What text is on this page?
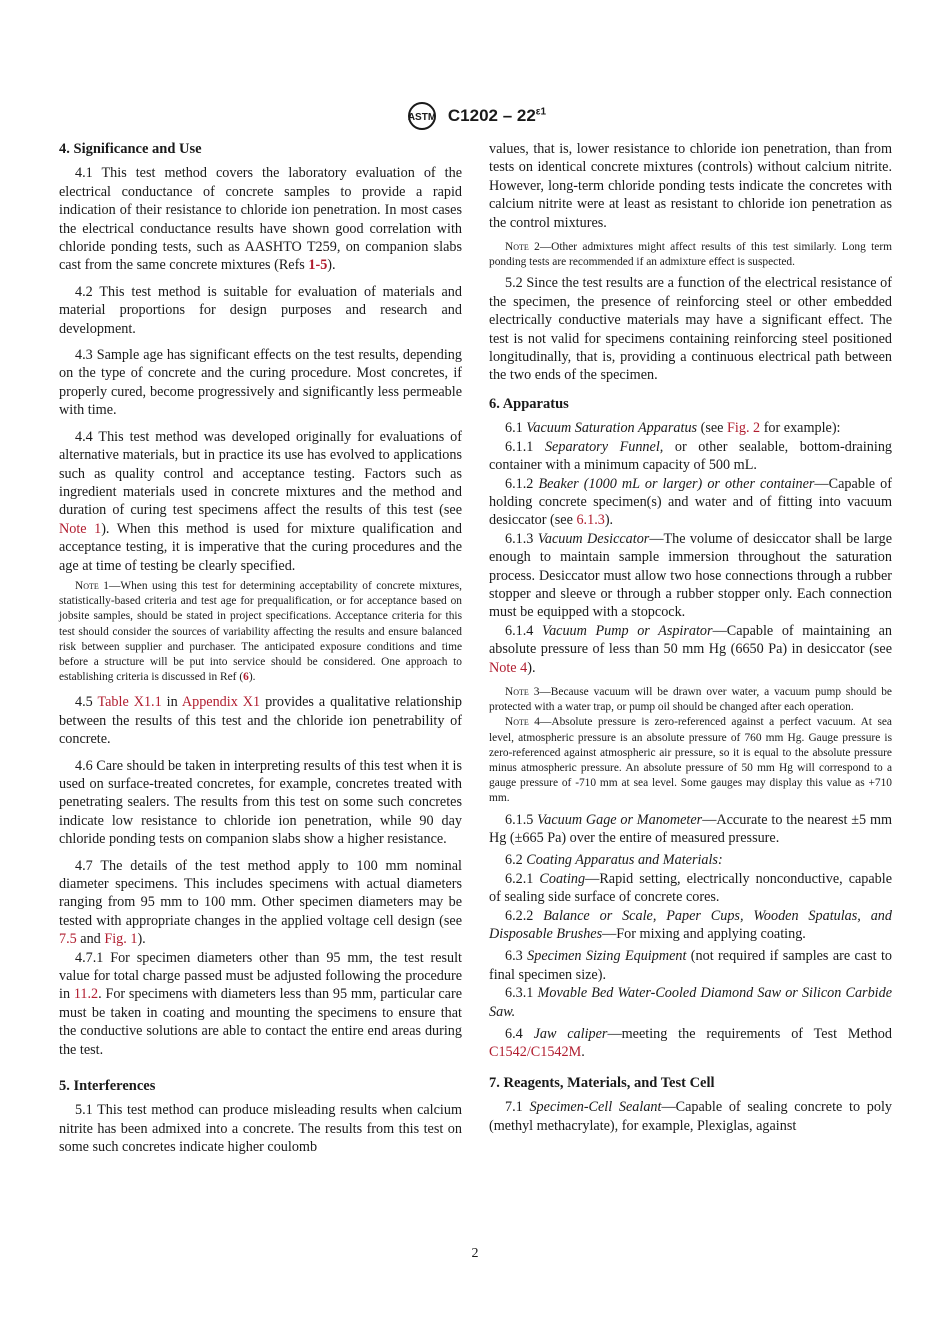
ASTM $C1202 - 22^{\varepsilon 1}$
4. Significance and Use

4.1 This test method covers the laboratory evaluation of the electrical conductance of concrete samples to provide a rapid indication of their resistance to chloride ion penetration. In most cases the electrical conductance results have shown good correlation with chloride ponding tests, such as AASHTO T259, on companion slabs cast from the same concrete mixtures (Refs 1-5).

4.2 This test method is suitable for evaluation of materials and material proportions for design purposes and research and development.

4.3 Sample age has significant effects on the test results, depending on the type of concrete and the curing procedure. Most concretes, if properly cured, become progressively and significantly less permeable with time.

4.4 This test method was developed originally for evaluations of alternative materials, but in practice its use has evolved to applications such as quality control and acceptance testing. Factors such as ingredient materials used in concrete mixtures and the method and duration of curing test specimens affect the results of this test (see Note 1). When this method is used for mixture qualification and acceptance testing, it is imperative that the curing procedures and the age at time of testing be clearly specified.

Note 1—When using this test for determining acceptability of concrete mixtures, statistically-based criteria and test age for prequalification, or for acceptance based on jobsite samples, should be stated in project specifications. Acceptance criteria for this test should consider the sources of variability affecting the results and ensure balanced risk between supplier and purchaser. The anticipated exposure conditions and time before a structure will be put into service should be considered. One approach to establishing criteria is discussed in Ref (6).

4.5 Table X1.1 in Appendix X1 provides a qualitative relationship between the results of this test and the chloride ion penetrability of concrete.

4.6 Care should be taken in interpreting results of this test when it is used on surface-treated concretes, for example, concretes treated with penetrating sealers. The results from this test on some such concretes indicate low resistance to chloride ion penetration, while 90 day chloride ponding tests on companion slabs show a higher resistance.

4.7 The details of the test method apply to 100 mm nominal diameter specimens. This includes specimens with actual diameters ranging from 95 mm to 100 mm. Other specimen diameters may be tested with appropriate changes in the applied voltage cell design (see 7.5 and Fig. 1).

4.7.1 For specimen diameters other than 95 mm, the test result value for total charge passed must be adjusted following the procedure in 11.2. For specimens with diameters less than 95 mm, particular care must be taken in coating and mounting the specimens to ensure that the conductive solutions are able to contact the entire end areas during the test.

5. Interferences

5.1 This test method can produce misleading results when calcium nitrite has been admixed into a concrete. The results from this test on some such concretes indicate higher coulomb

values, that is, lower resistance to chloride ion penetration, than from tests on identical concrete mixtures (controls) without calcium nitrite. However, long-term chloride ponding tests indicate the concretes with calcium nitrite were at least as resistant to chloride ion penetration as the control mixtures.

Note 2—Other admixtures might affect results of this test similarly. Long term ponding tests are recommended if an admixture effect is suspected.

5.2 Since the test results are a function of the electrical resistance of the specimen, the presence of reinforcing steel or other embedded electrically conductive materials may have a significant effect. The test is not valid for specimens containing reinforcing steel positioned longitudinally, that is, providing a continuous electrical path between the two ends of the specimen.

6. Apparatus

6.1 Vacuum Saturation Apparatus (see Fig. 2 for example):

6.1.1 Separatory Funnel, or other sealable, bottom-draining container with a minimum capacity of 500 mL.

6.1.2 Beaker (1000 mL or larger) or other container—Capable of holding concrete specimen(s) and water and of fitting into vacuum desiccator (see 6.1.3).

6.1.3 Vacuum Desiccator—The volume of desiccator shall be large enough to maintain sample immersion throughout the saturation process. Desiccator must allow two hose connections through a rubber stopper and sleeve or through a rubber stopper only. Each connection must be equipped with a stopcock.

6.1.4 Vacuum Pump or Aspirator—Capable of maintaining an absolute pressure of less than 50 mm Hg (6650 Pa) in desiccator (see Note 4).

Note 3—Because vacuum will be drawn over water, a vacuum pump should be protected with a water trap, or pump oil should be changed after each operation.

Note 4—Absolute pressure is zero-referenced against a perfect vacuum. At sea level, atmospheric pressure is an absolute pressure of 760 mm Hg. Gauge pressure is zero-referenced against atmospheric air pressure, so it is equal to the absolute pressure minus atmospheric pressure. An absolute pressure of 50 mm Hg will correspond to a gauge pressure of -710 mm at sea level. Some gauges may display this value as +710 mm.

6.1.5 Vacuum Gage or Manometer—Accurate to the nearest ±5 mm Hg (±665 Pa) over the entire of measured pressure.

6.2 Coating Apparatus and Materials:

6.2.1 Coating—Rapid setting, electrically nonconductive, capable of sealing side surface of concrete cores.

6.2.2 Balance or Scale, Paper Cups, Wooden Spatulas, and Disposable Brushes—For mixing and applying coating.

6.3 Specimen Sizing Equipment (not required if samples are cast to final specimen size).

6.3.1 Movable Bed Water-Cooled Diamond Saw or Silicon Carbide Saw.

6.4 Jaw caliper—meeting the requirements of Test Method C1542/C1542M.

7. Reagents, Materials, and Test Cell

7.1 Specimen-Cell Sealant—Capable of sealing concrete to poly (methyl methacrylate), for example, Plexiglas, against

2
